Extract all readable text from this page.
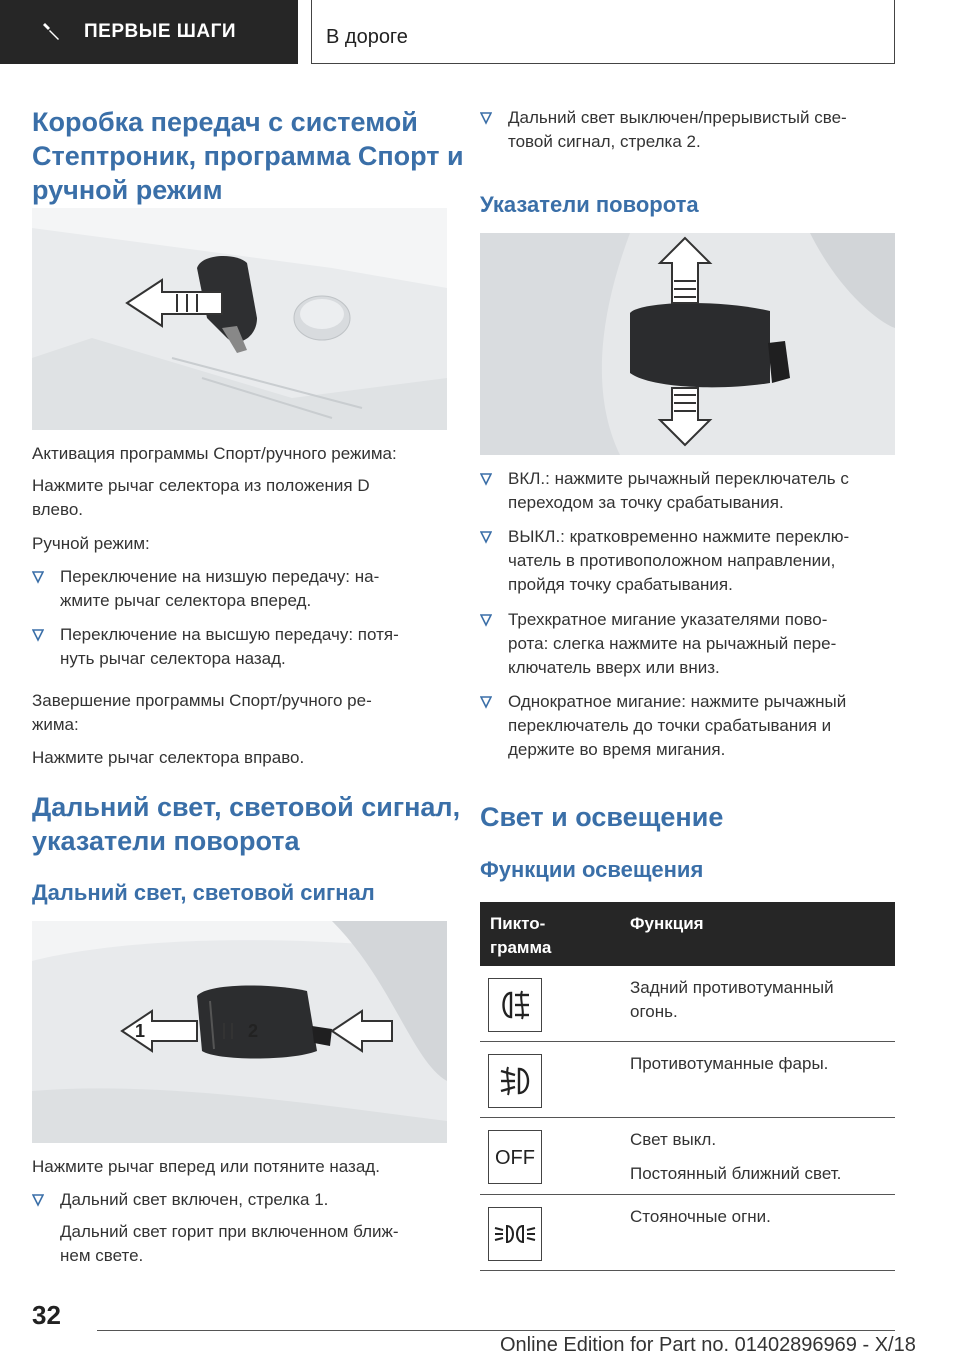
ПЕРВЫЕ ШАГИ	В дороге
Коробка передач с системой
Стептроник, программа Спорт и
ручной режим

Активация программы Спорт/ручного режима:

Нажмите рычаг селектора из положения D
влево.

Ручной режим:

Переключение на низшую передачу: на-
жмите рычаг селектора вперед.
Переключение на высшую передачу: потя-
нуть рычаг селектора назад.

Завершение программы Спорт/ручного ре-
жима:

Нажмите рычаг селектора вправо.

Дальний свет, световой сигнал,
указатели поворота
Дальний свет, световой сигнал
1	2

Нажмите рычаг вперед или потяните назад.

Дальний свет включен, стрелка 1.

Дальний свет горит при включенном ближ-
нем свете.

Дальний свет выключен/прерывистый све-
товой сигнал, стрелка 2.
Указатели поворота
ВКЛ.: нажмите рычажный переключатель с
переходом за точку срабатывания.
ВЫКЛ.: кратковременно нажмите переклю-
чатель в противоположном направлении,
пройдя точку срабатывания.
Трехкратное мигание указателями пово-
рота: слегка нажмите на рычажный пере-
ключатель вверх или вниз.
Однократное мигание: нажмите рычажный
переключатель до точки срабатывания и
держите во время мигания.
Свет и освещение
Функции освещения
Пикто-
грамма
Функция

Задний противотуманный
огонь.

Противотуманные фары.

OFF

Свет выкл.

Постоянный ближний свет.

Стояночные огни.

32
Online Edition for Part no. 01402896969 - X/18
